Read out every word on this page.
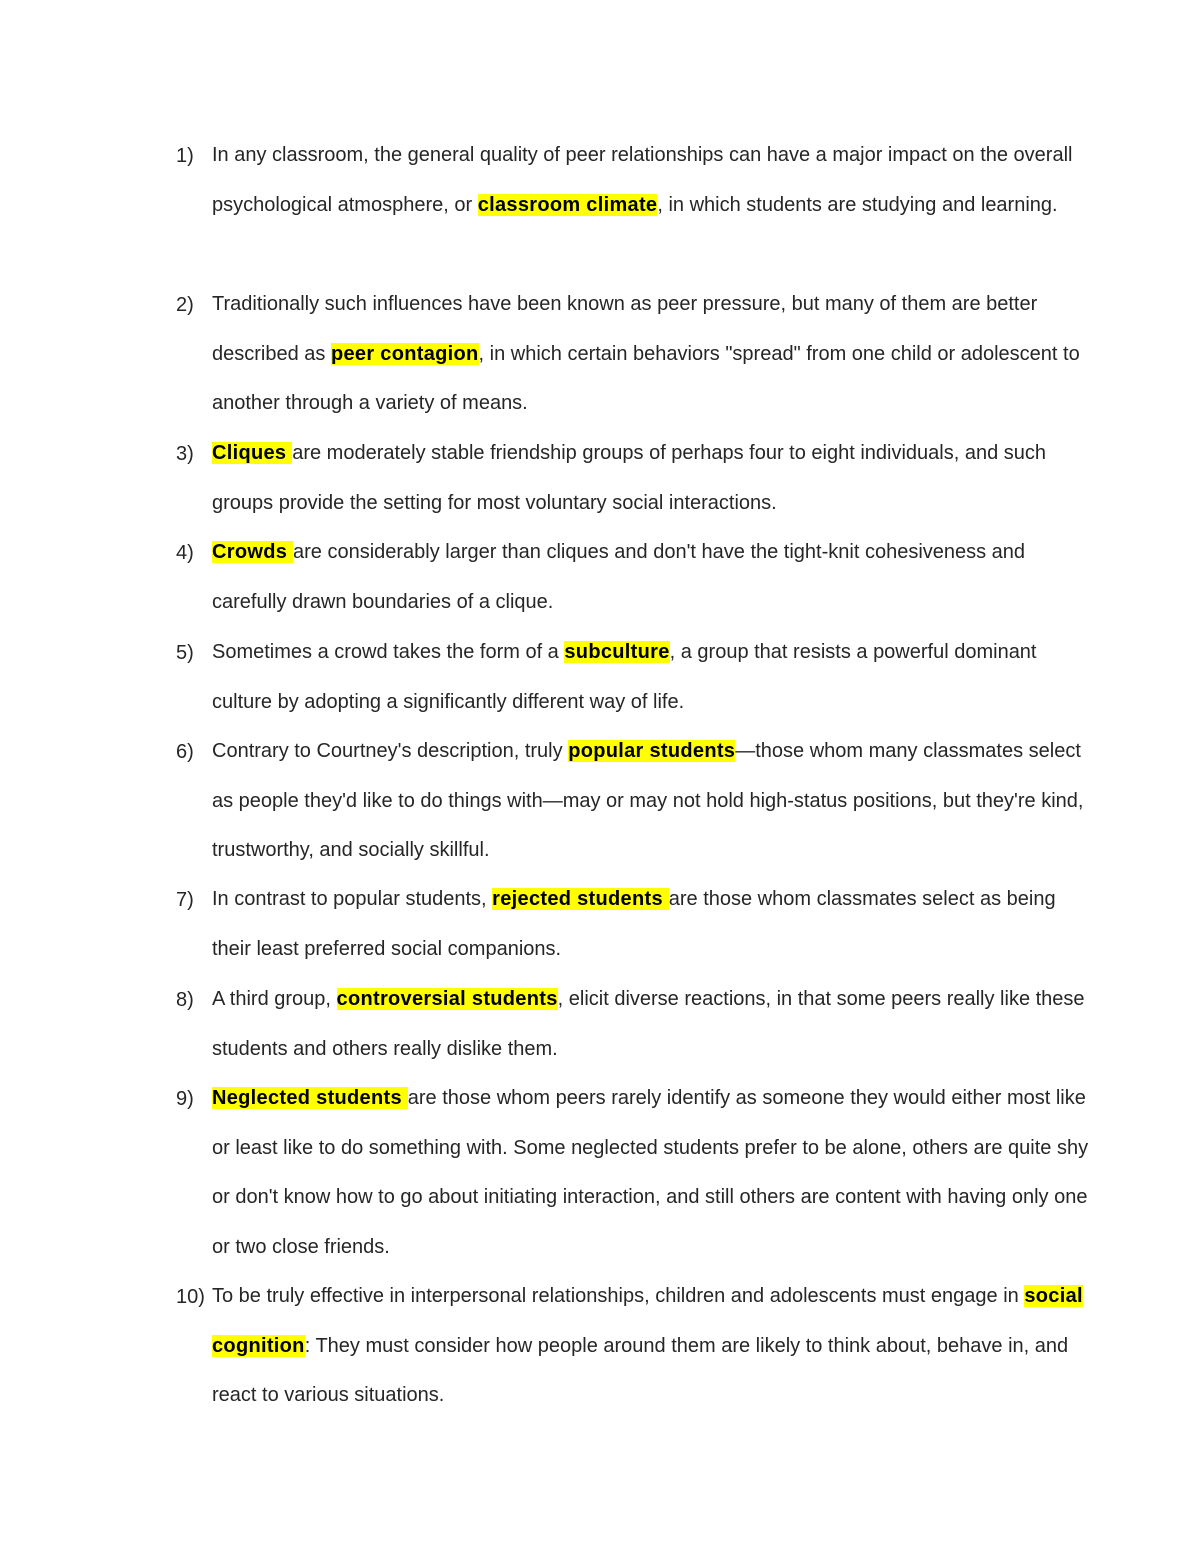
1) In any classroom, the general quality of peer relationships can have a major impact on the overall psychological atmosphere, or classroom climate, in which students are studying and learning.
2) Traditionally such influences have been known as peer pressure, but many of them are better described as peer contagion, in which certain behaviors "spread" from one child or adolescent to another through a variety of means.
3) Cliques are moderately stable friendship groups of perhaps four to eight individuals, and such groups provide the setting for most voluntary social interactions.
4) Crowds are considerably larger than cliques and don't have the tight-knit cohesiveness and carefully drawn boundaries of a clique.
5) Sometimes a crowd takes the form of a subculture, a group that resists a powerful dominant culture by adopting a significantly different way of life.
6) Contrary to Courtney's description, truly popular students—those whom many classmates select as people they'd like to do things with—may or may not hold high-status positions, but they're kind, trustworthy, and socially skillful.
7) In contrast to popular students, rejected students are those whom classmates select as being their least preferred social companions.
8) A third group, controversial students, elicit diverse reactions, in that some peers really like these students and others really dislike them.
9) Neglected students are those whom peers rarely identify as someone they would either most like or least like to do something with. Some neglected students prefer to be alone, others are quite shy or don't know how to go about initiating interaction, and still others are content with having only one or two close friends.
10) To be truly effective in interpersonal relationships, children and adolescents must engage in social cognition: They must consider how people around them are likely to think about, behave in, and react to various situations.
